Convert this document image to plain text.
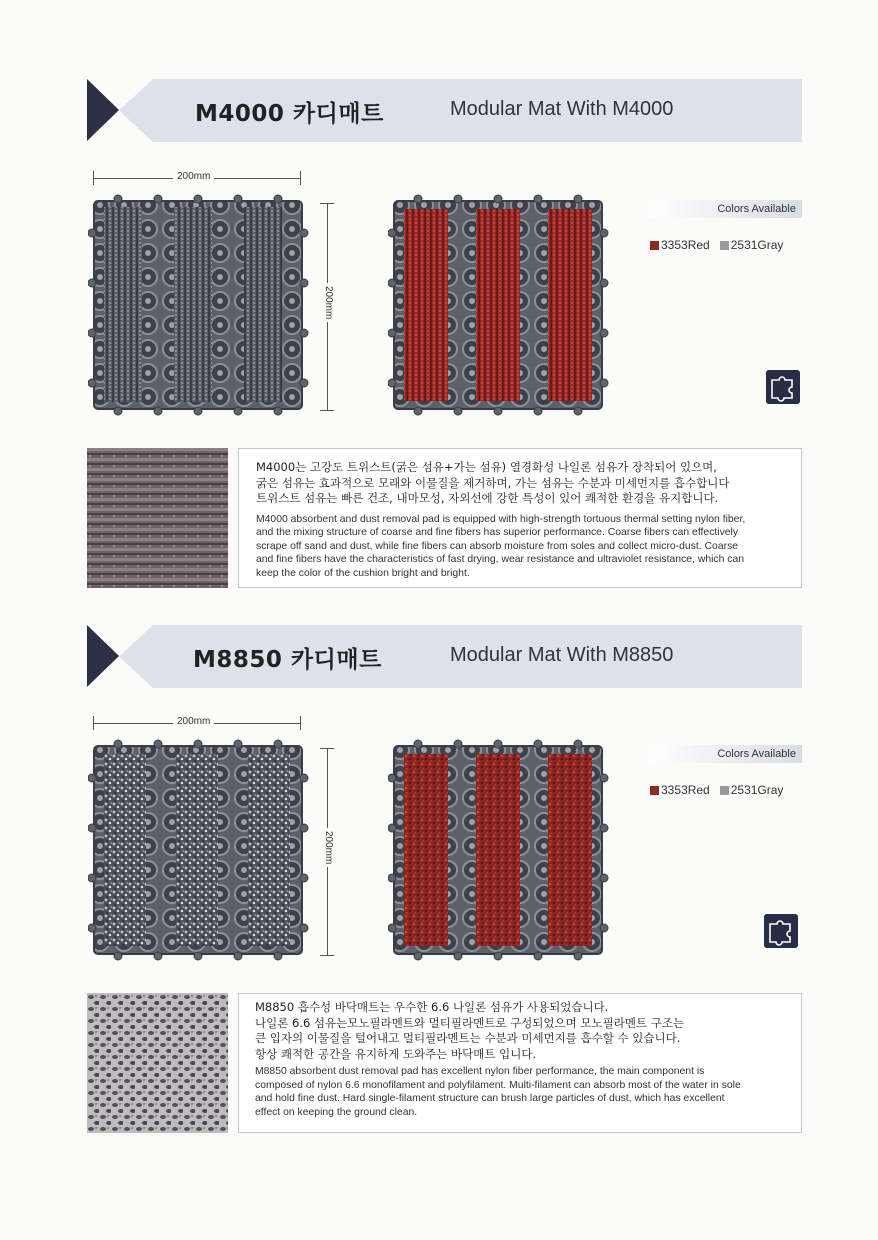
M4000 카디매트	Modular Mat With M4000
200mm
200mm
Colors Available
3353Red 2531Gray
M4000는 고강도 트위스트(굵은 섬유+가는 섬유) 열경화성 나일론 섬유가 장착되어 있으며,
굵은 섬유는 효과적으로 모래와 이물질을 제거하며, 가는 섬유는 수분과 미세먼지를 흡수합니다
트위스트 섬유는 빠른 건조, 내마모성, 자외선에 강한 특성이 있어 쾌적한 환경을 유지합니다.
M4000 absorbent and dust removal pad is equipped with high-strength tortuous thermal setting nylon fiber,
and the mixing structure of coarse and fine fibers has superior performance. Coarse fibers can effectively
scrape off sand and dust, while fine fibers can absorb moisture from soles and collect micro-dust. Coarse
and fine fibers have the characteristics of fast drying, wear resistance and ultraviolet resistance, which can
keep the color of the cushion bright and bright.
M8850 카디매트	Modular Mat With M8850
200mm
200mm
Colors Available
3353Red 2531Gray
M8850 흡수성 바닥매트는 우수한 6.6 나일론 섬유가 사용되었습니다.
나일론 6.6 섬유는모노필라멘트와 멀티필라멘트로 구성되었으며 모노필라멘트 구조는
큰 입자의 이물질을 털어내고 멀티필라멘트는 수분과 미세먼지를 흡수할 수 있습니다.
항상 쾌적한 공간을 유지하게 도와주는 바닥매트 입니다.
M8850 absorbent dust removal pad has excellent nylon fiber performance, the main component is
composed of nylon 6.6 monofilament and polyfilament. Multi-filament can absorb most of the water in sole
and hold fine dust. Hard single-filament structure can brush large particles of dust, which has excellent
effect on keeping the ground clean.
